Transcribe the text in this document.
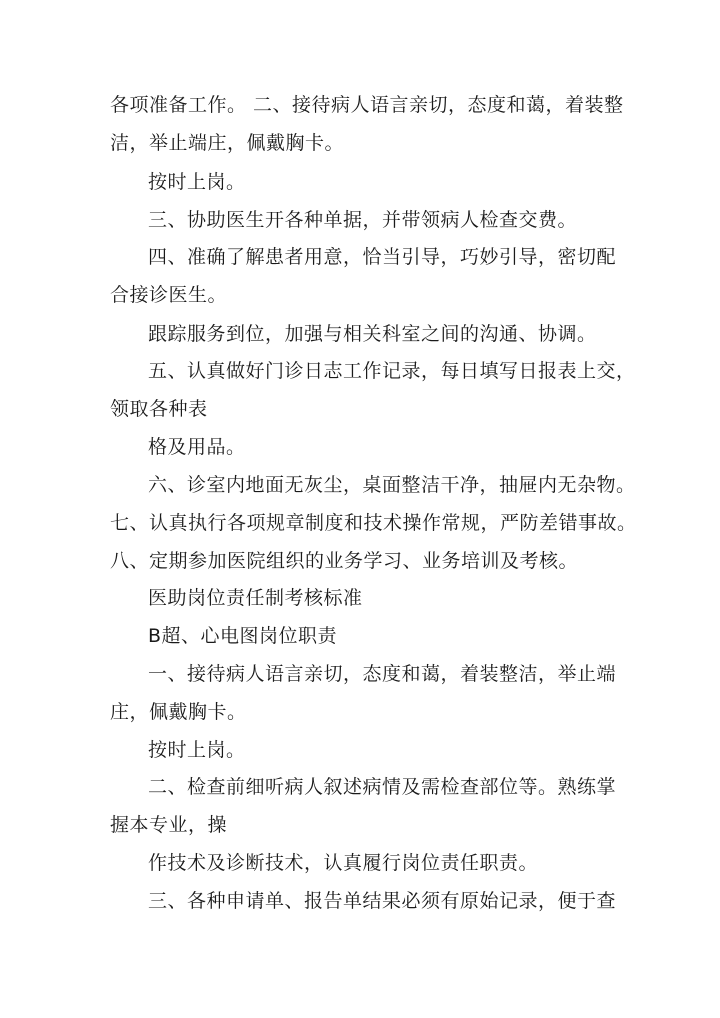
各项准备工作。 二、接待病人语言亲切，态度和蔼，着装整
洁，举止端庄，佩戴胸卡。
按时上岗。
三、协助医生开各种单据，并带领病人检查交费。
四、准确了解患者用意，恰当引导，巧妙引导，密切配
合接诊医生。
跟踪服务到位，加强与相关科室之间的沟通、协调。
五、认真做好门诊日志工作记录，每日填写日报表上交，
领取各种表
格及用品。
六、诊室内地面无灰尘，桌面整洁干净，抽屉内无杂物。
七、认真执行各项规章制度和技术操作常规，严防差错事故。
八、定期参加医院组织的业务学习、业务培训及考核。
医助岗位责任制考核标准
B超、心电图岗位职责
一、接待病人语言亲切，态度和蔼，着装整洁，举止端
庄，佩戴胸卡。
按时上岗。
二、检查前细听病人叙述病情及需检查部位等。熟练掌
握本专业，操
作技术及诊断技术，认真履行岗位责任职责。
三、各种申请单、报告单结果必须有原始记录，便于查
